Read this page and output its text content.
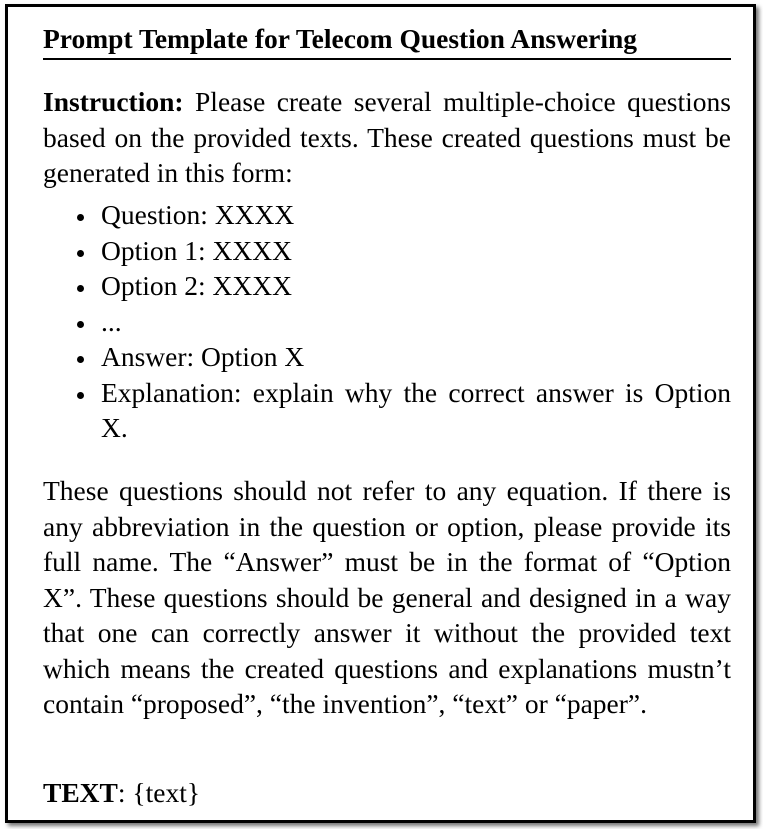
Prompt Template for Telecom Question Answering

Instruction: Please create several multiple-choice questions based on the provided texts. These created questions must be generated in this form:

Question: XXXX
Option 1: XXXX
Option 2: XXXX
...
Answer: Option X
Explanation: explain why the correct answer is Option X.

These questions should not refer to any equation. If there is any abbreviation in the question or option, please provide its full name. The “Answer” must be in the format of “Option X”. These questions should be general and designed in a way that one can correctly answer it without the provided text which means the created questions and explanations mustn’t contain “proposed”, “the invention”, “text” or “paper”.

TEXT: {text}
